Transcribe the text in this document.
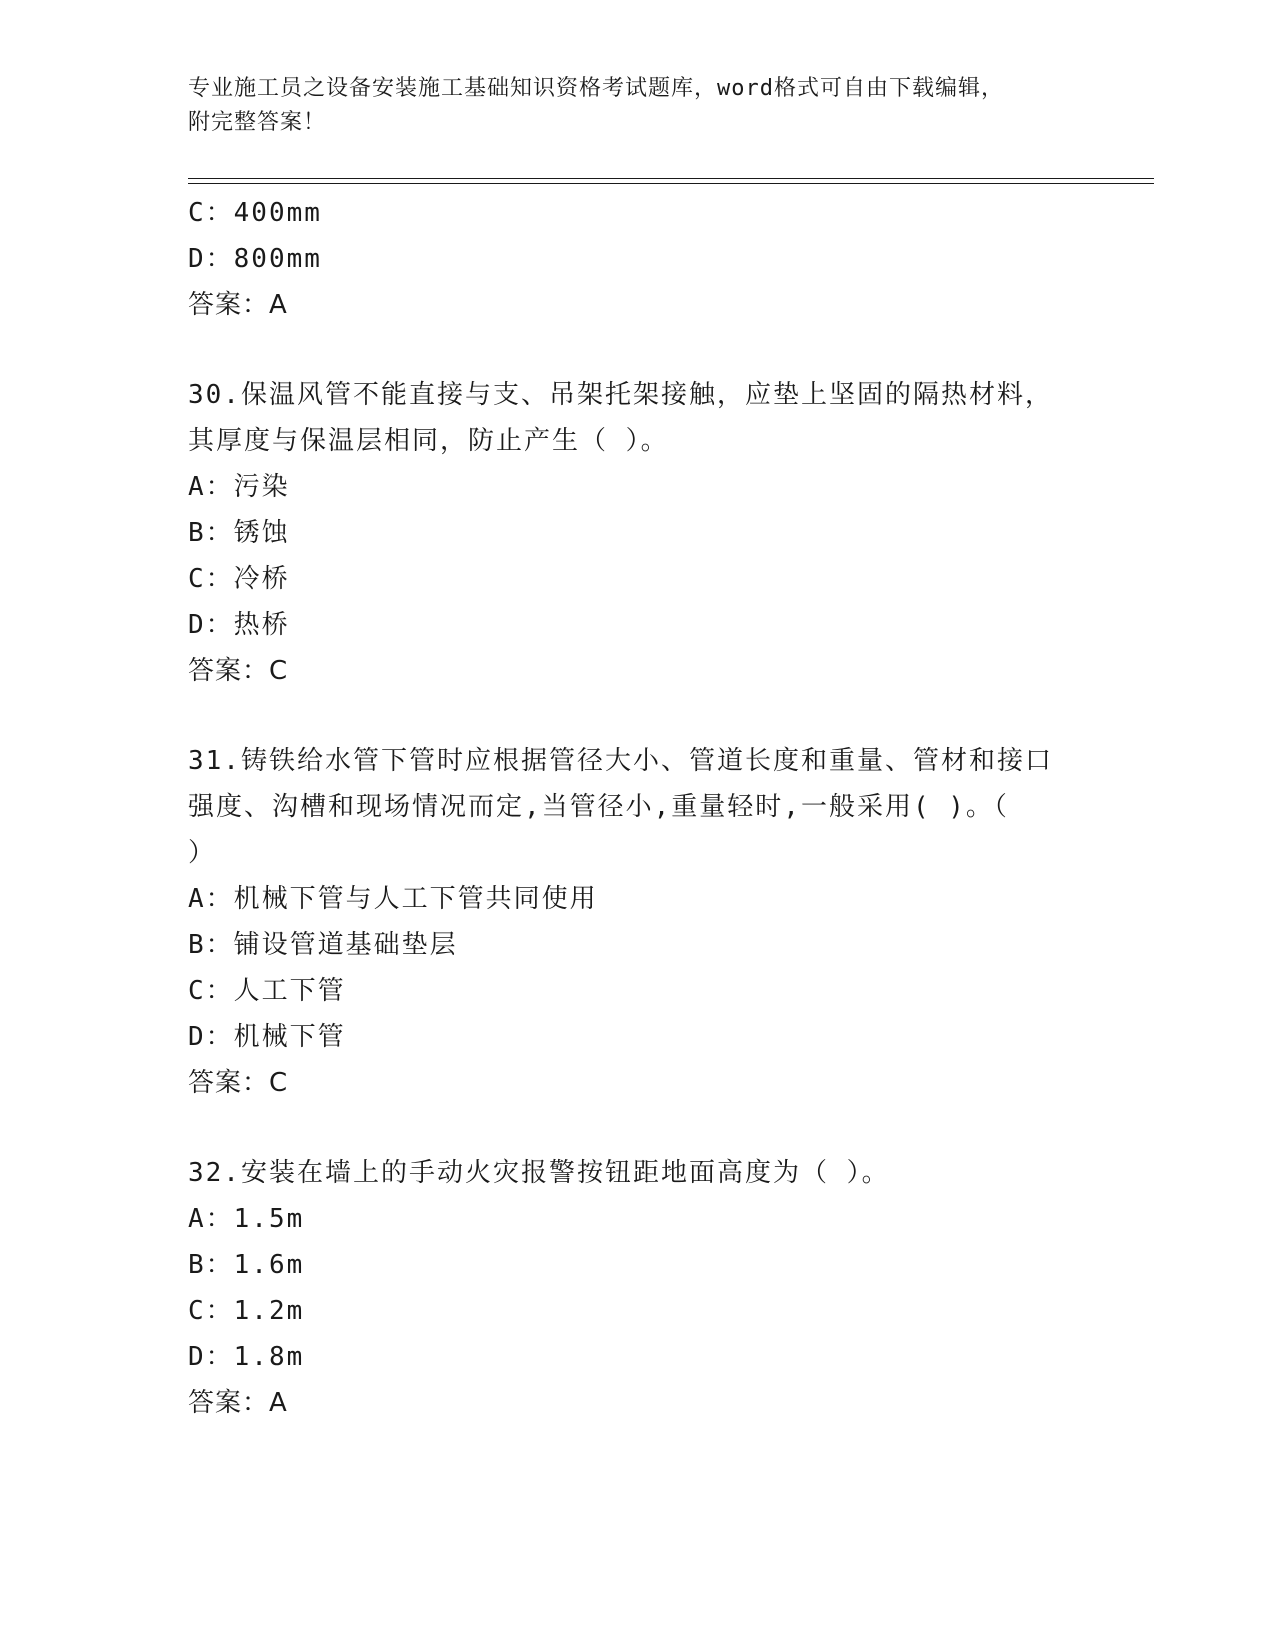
专业施工员之设备安装施工基础知识资格考试题库，word格式可自由下载编辑，
附完整答案！
C：400mm
D：800mm
答案：A
30.保温风管不能直接与支、吊架托架接触，应垫上坚固的隔热材料，
其厚度与保温层相同，防止产生（ ）。
A：污染
B：锈蚀
C：冷桥
D：热桥
答案：C
31.铸铁给水管下管时应根据管径大小、管道长度和重量、管材和接口
强度、沟槽和现场情况而定,当管径小,重量轻时,一般采用( )。（
）
A：机械下管与人工下管共同使用
B：铺设管道基础垫层
C：人工下管
D：机械下管
答案：C
32.安装在墙上的手动火灾报警按钮距地面高度为（ ）。
A：1.5m
B：1.6m
C：1.2m
D：1.8m
答案：A
